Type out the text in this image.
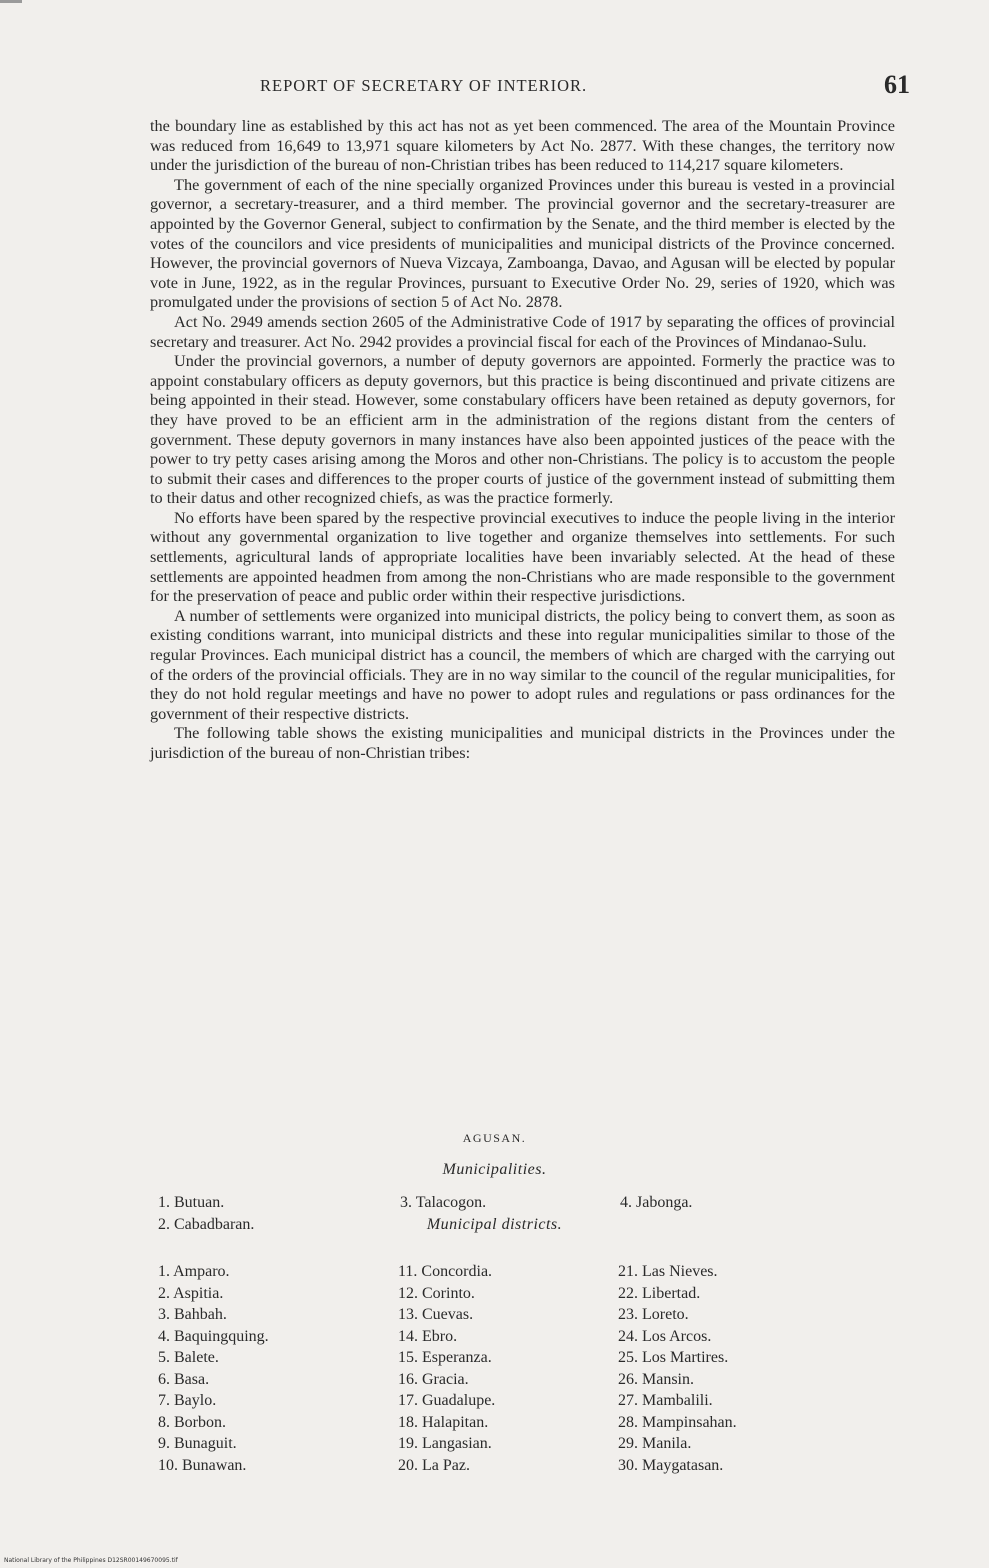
REPORT OF SECRETARY OF INTERIOR.	61

the boundary line as established by this act has not as yet been commenced. The area of the Mountain Province was reduced from 16,649 to 13,971 square kilometers by Act No. 2877. With these changes, the territory now under the jurisdiction of the bureau of non-Christian tribes has been reduced to 114,217 square kilometers.

The government of each of the nine specially organized Provinces under this bureau is vested in a provincial governor, a secretary-treasurer, and a third member. The provincial governor and the secretary-treasurer are appointed by the Governor General, subject to confirmation by the Senate, and the third member is elected by the votes of the councilors and vice presidents of municipalities and municipal districts of the Province concerned. However, the provincial governors of Nueva Vizcaya, Zamboanga, Davao, and Agusan will be elected by popular vote in June, 1922, as in the regular Provinces, pursuant to Executive Order No. 29, series of 1920, which was promulgated under the provisions of section 5 of Act No. 2878.

Act No. 2949 amends section 2605 of the Administrative Code of 1917 by separating the offices of provincial secretary and treasurer. Act No. 2942 provides a provincial fiscal for each of the Provinces of Mindanao-Sulu.

Under the provincial governors, a number of deputy governors are appointed. Formerly the practice was to appoint constabulary officers as deputy governors, but this practice is being discontinued and private citizens are being appointed in their stead. However, some constabulary officers have been retained as deputy governors, for they have proved to be an efficient arm in the administration of the regions distant from the centers of government. These deputy governors in many instances have also been appointed justices of the peace with the power to try petty cases arising among the Moros and other non-Christians. The policy is to accustom the people to submit their cases and differences to the proper courts of justice of the government instead of submitting them to their datus and other recognized chiefs, as was the practice formerly.

No efforts have been spared by the respective provincial executives to induce the people living in the interior without any governmental organization to live together and organize themselves into settlements. For such settlements, agricultural lands of appropriate localities have been invariably selected. At the head of these settlements are appointed headmen from among the non-Christians who are made responsible to the government for the preservation of peace and public order within their respective jurisdictions.

A number of settlements were organized into municipal districts, the policy being to convert them, as soon as existing conditions warrant, into municipal districts and these into regular municipalities similar to those of the regular Provinces. Each municipal district has a council, the members of which are charged with the carrying out of the orders of the provincial officials. They are in no way similar to the council of the regular municipalities, for they do not hold regular meetings and have no power to adopt rules and regulations or pass ordinances for the government of their respective districts.

The following table shows the existing municipalities and municipal districts in the Provinces under the jurisdiction of the bureau of non-Christian tribes:

AGUSAN.
Municipalities.
1. Butuan.
2. Cabadbaran.
3. Talacogon.	4. Jabonga.
Municipal districts.
1. Amparo.
2. Aspitia.
3. Bahbah.
4. Baquingquing.
5. Balete.
6. Basa.
7. Baylo.
8. Borbon.
9. Bunaguit.
10. Bunawan.
11. Concordia.
12. Corinto.
13. Cuevas.
14. Ebro.
15. Esperanza.
16. Gracia.
17. Guadalupe.
18. Halapitan.
19. Langasian.
20. La Paz.
21. Las Nieves.
22. Libertad.
23. Loreto.
24. Los Arcos.
25. Los Martires.
26. Mansin.
27. Mambalili.
28. Mampinsahan.
29. Manila.
30. Maygatasan.
National Library of the Philippines D12SR00149670095.tif
